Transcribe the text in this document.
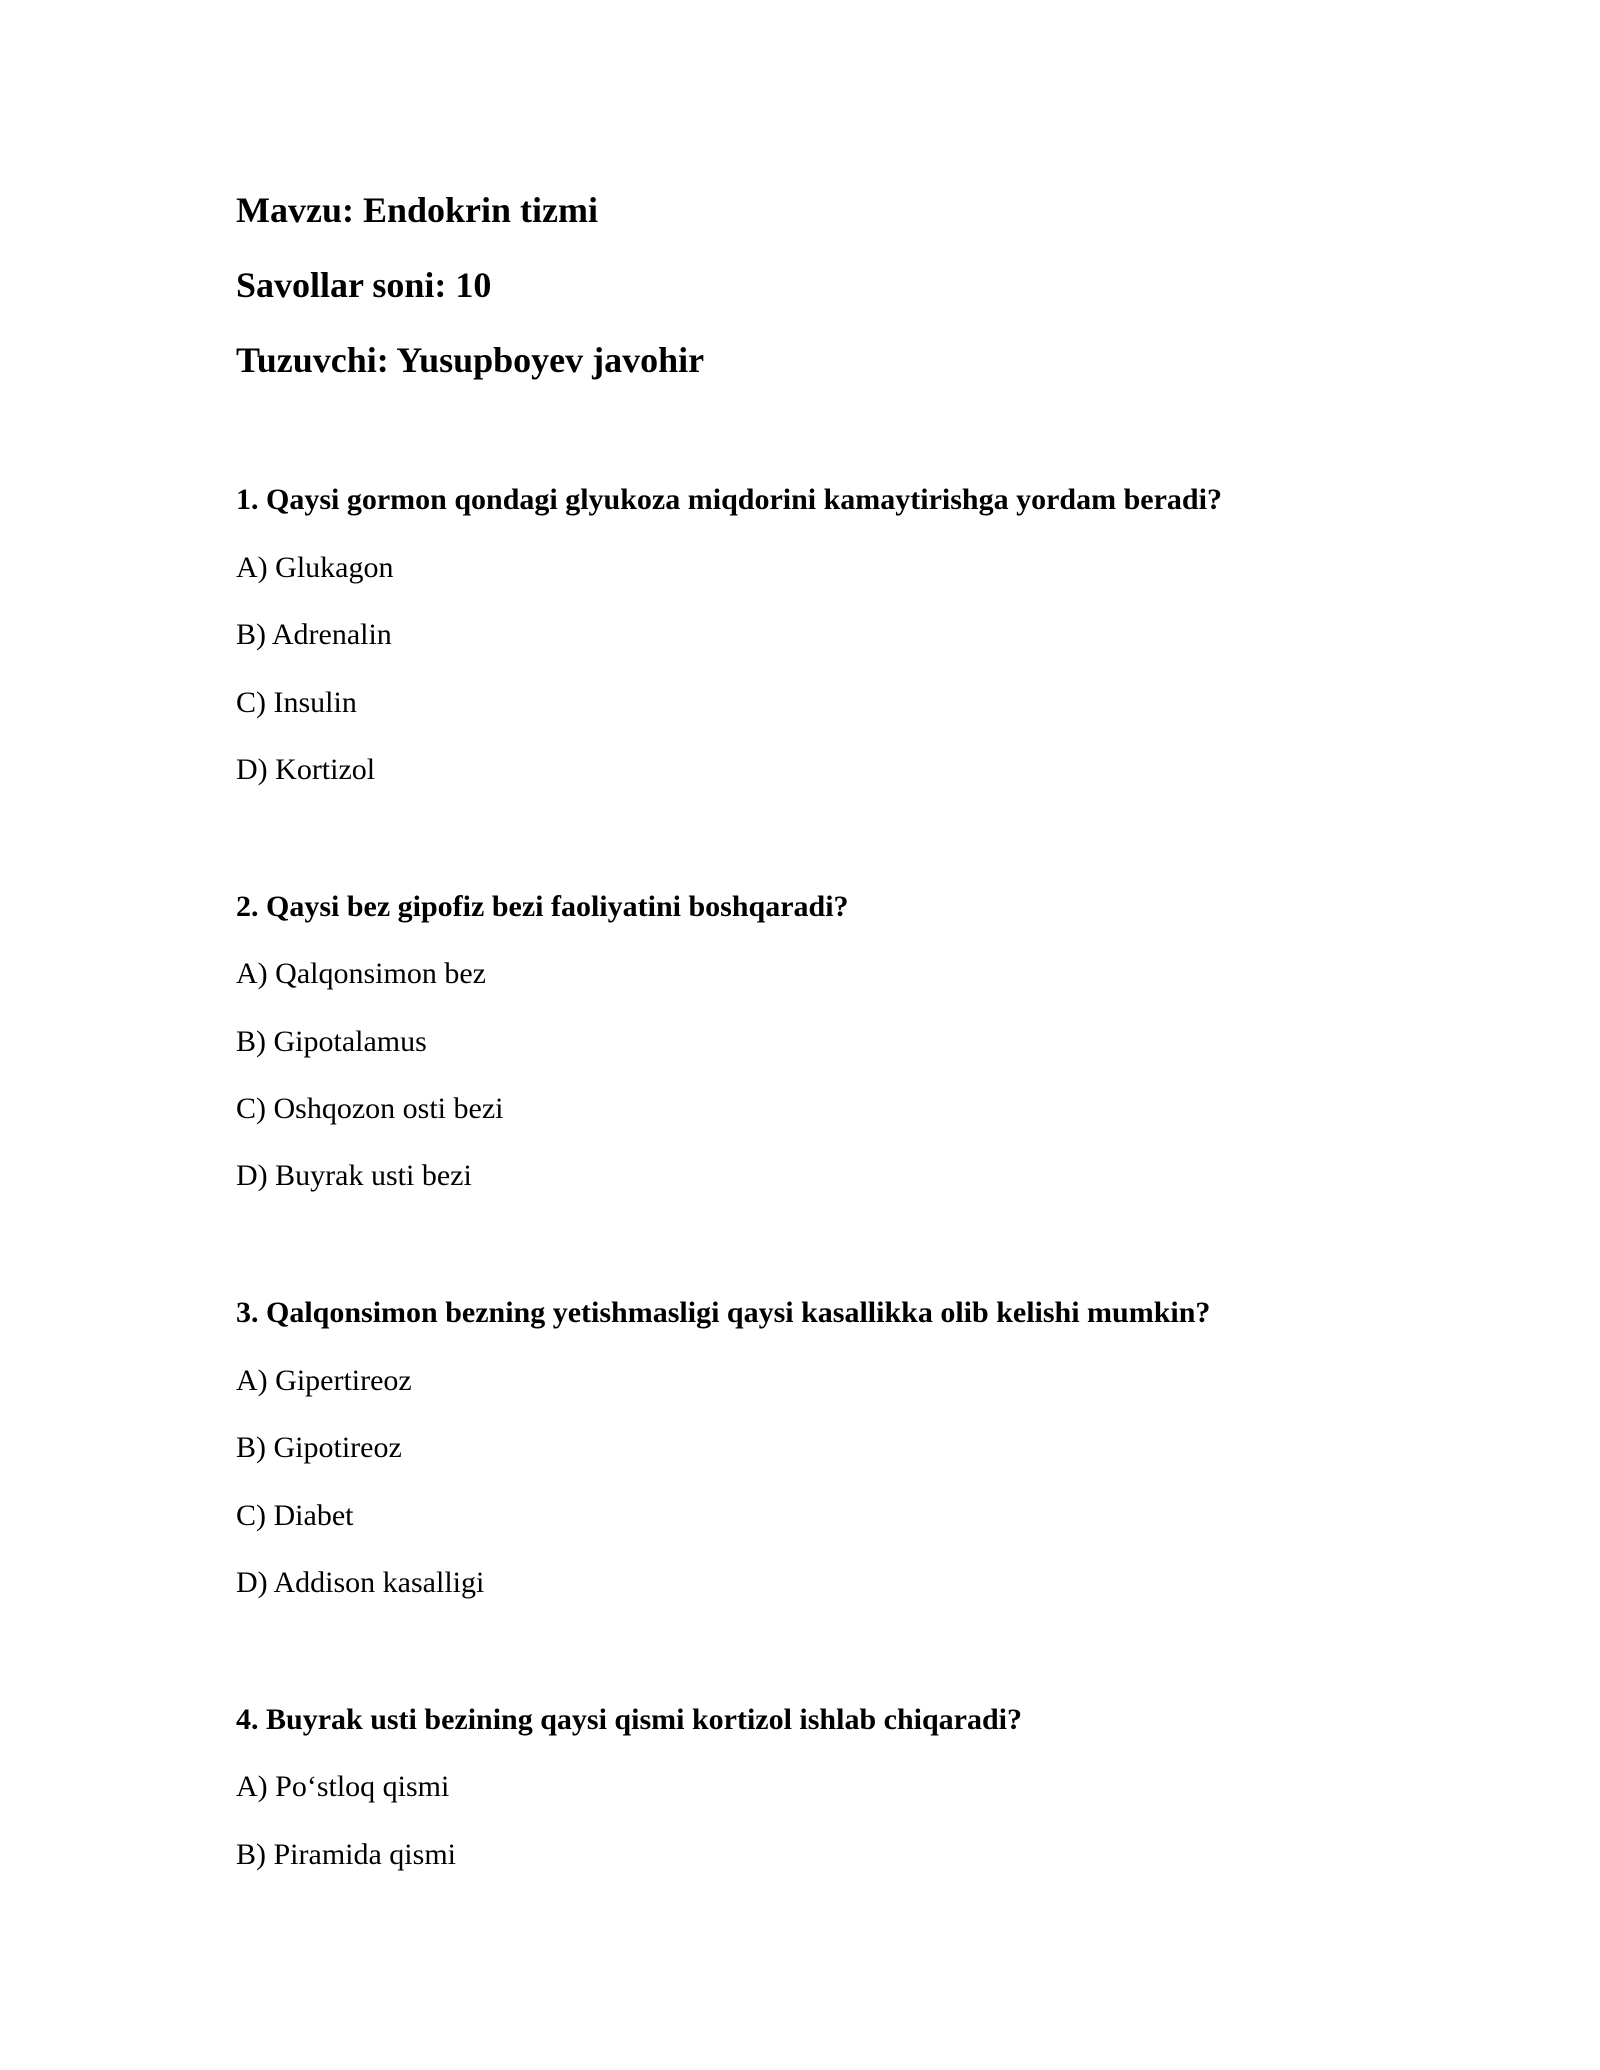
Mavzu: Endokrin tizmi
Savollar soni: 10
Tuzuvchi: Yusupboyev javohir
1. Qaysi gormon qondagi glyukoza miqdorini kamaytirishga yordam beradi?
A) Glukagon
B) Adrenalin
C) Insulin
D) Kortizol
2. Qaysi bez gipofiz bezi faoliyatini boshqaradi?
A) Qalqonsimon bez
B) Gipotalamus
C) Oshqozon osti bezi
D) Buyrak usti bezi
3. Qalqonsimon bezning yetishmasligi qaysi kasallikka olib kelishi mumkin?
A) Gipertireoz
B) Gipotireoz
C) Diabet
D) Addison kasalligi
4. Buyrak usti bezining qaysi qismi kortizol ishlab chiqaradi?
A) Po‘stloq qismi
B) Piramida qismi
